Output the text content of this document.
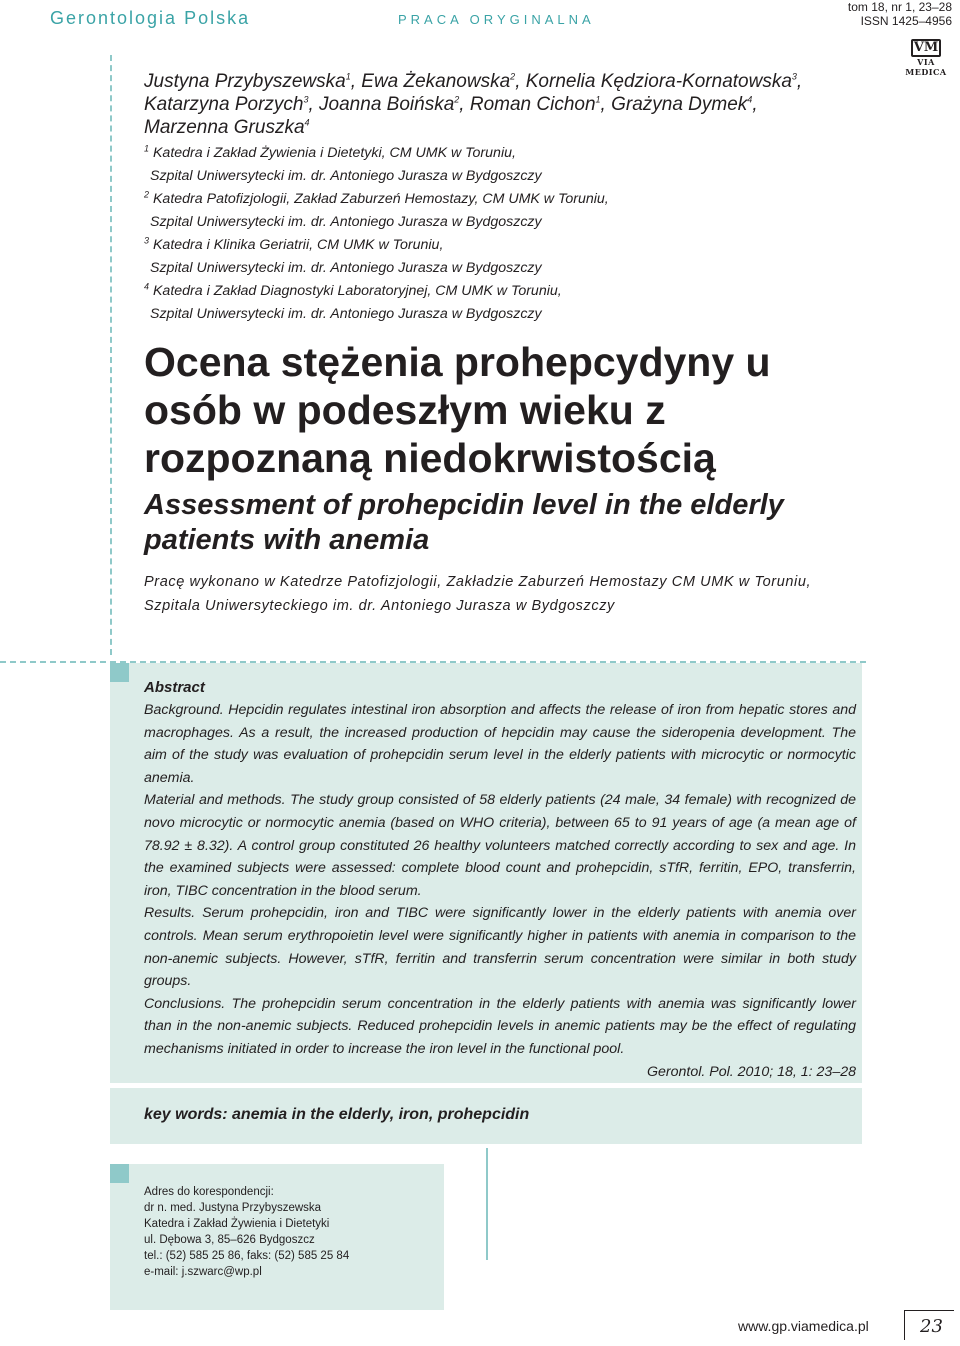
Gerontologia Polska	PRACA ORYGINALNA
tom 18, nr 1, 23–28
ISSN 1425–4956
VM
VIA MEDICA
Justyna Przybyszewska$^1$, Ewa Żekanowska$^2$, Kornelia Kędziora-Kornatowska$^3$,
Katarzyna Porzych$^3$, Joanna Boińska$^2$, Roman Cichon$^1$, Grażyna Dymek$^4$,
Marzenna Gruszka$^4$
$^1$ Katedra i Zakład Żywienia i Dietetyki, CM UMK w Toruniu,
Szpital Uniwersytecki im. dr. Antoniego Jurasza w Bydgoszczy
$^2$ Katedra Patofizjologii, Zakład Zaburzeń Hemostazy, CM UMK w Toruniu,
Szpital Uniwersytecki im. dr. Antoniego Jurasza w Bydgoszczy
$^3$ Katedra i Klinika Geriatrii, CM UMK w Toruniu,
Szpital Uniwersytecki im. dr. Antoniego Jurasza w Bydgoszczy
$^4$ Katedra i Zakład Diagnostyki Laboratoryjnej, CM UMK w Toruniu,
Szpital Uniwersytecki im. dr. Antoniego Jurasza w Bydgoszczy
Ocena stężenia prohepcydyny u osób w podeszłym wieku z rozpoznaną niedokrwistością
Assessment of prohepcidin level in the elderly patients with anemia
Pracę wykonano w Katedrze Patofizjologii, Zakładzie Zaburzeń Hemostazy CM UMK w Toruniu, Szpitala Uniwersyteckiego im. dr. Antoniego Jurasza w Bydgoszczy
Abstract

Background. Hepcidin regulates intestinal iron absorption and affects the release of iron from hepatic stores and macrophages. As a result, the increased production of hepcidin may cause the sideropenia development. The aim of the study was evaluation of prohepcidin serum level in the elderly patients with microcytic or normocytic anemia.

Material and methods. The study group consisted of 58 elderly patients (24 male, 34 female) with recognized de novo microcytic or normocytic anemia (based on WHO criteria), between 65 to 91 years of age (a mean age of 78.92 ± 8.32). A control group constituted 26 healthy volunteers matched correctly according to sex and age. In the examined subjects were assessed: complete blood count and prohepcidin, sTfR, ferritin, EPO, transferrin, iron, TIBC concentration in the blood serum.

Results. Serum prohepcidin, iron and TIBC were significantly lower in the elderly patients with anemia over controls. Mean serum erythropoietin level were significantly higher in patients with anemia in comparison to the non-anemic subjects. However, sTfR, ferritin and transferrin serum concentration were similar in both study groups.

Conclusions. The prohepcidin serum concentration in the elderly patients with anemia was significantly lower than in the non-anemic subjects. Reduced prohepcidin levels in anemic patients may be the effect of regulating mechanisms initiated in order to increase the iron level in the functional pool.

Gerontol. Pol. 2010; 18, 1: 23–28

key words: anemia in the elderly, iron, prohepcidin
Adres do korespondencji:
dr n. med. Justyna Przybyszewska
Katedra i Zakład Żywienia i Dietetyki
ul. Dębowa 3, 85–626 Bydgoszcz
tel.: (52) 585 25 86, faks: (52) 585 25 84
e-mail: j.szwarc@wp.pl
www.gp.viamedica.pl	23
